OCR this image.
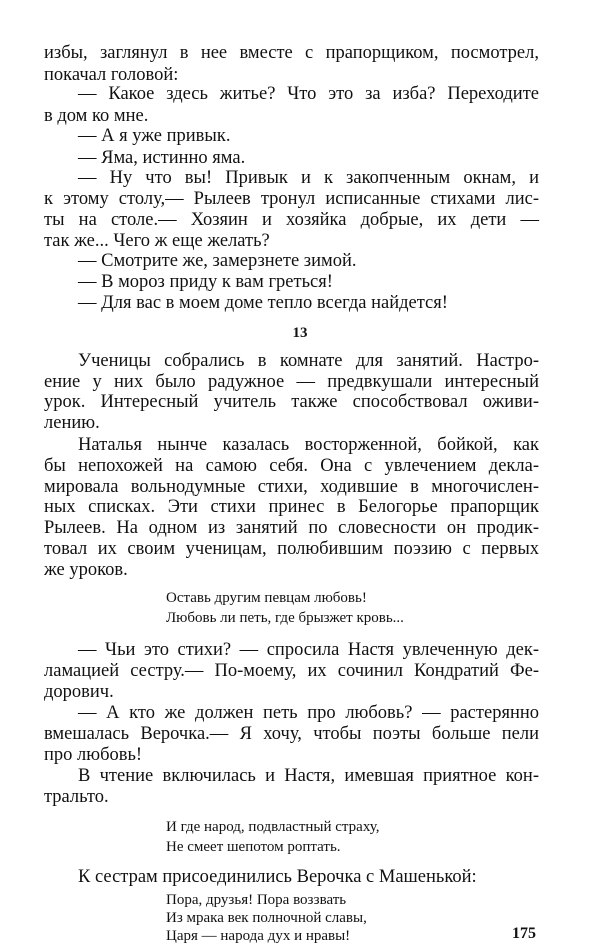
избы, заглянул в нее вместе с прапорщиком, посмотрел,
покачал головой:
— Какое здесь житье? Что это за изба? Переходите
в дом ко мне.
— А я уже привык.
— Яма, истинно яма.
— Ну что вы! Привык и к закопченным окнам, и
к этому столу,— Рылеев тронул исписанные стихами лис-
ты на столе.— Хозяин и хозяйка добрые, их дети —
так же... Чего ж еще желать?
— Смотрите же, замерзнете зимой.
— В мороз приду к вам греться!
— Для вас в моем доме тепло всегда найдется!
13
Ученицы собрались в комнате для занятий. Настро-
ение у них было радужное — предвкушали интересный
урок. Интересный учитель также способствовал оживи-
лению.
Наталья нынче казалась восторженной, бойкой, как
бы непохожей на самою себя. Она с увлечением декла-
мировала вольнодумные стихи, ходившие в многочислен-
ных списках. Эти стихи принес в Белогорье прапорщик
Рылеев. На одном из занятий по словесности он продик-
товал их своим ученицам, полюбившим поэзию с первых
же уроков.
Оставь другим певцам любовь!
Любовь ли петь, где брызжет кровь...
— Чьи это стихи? — спросила Настя увлеченную дек-
ламацией сестру.— По-моему, их сочинил Кондратий Фе-
дорович.
— А кто же должен петь про любовь? — растерянно
вмешалась Верочка.— Я хочу, чтобы поэты больше пели
про любовь!
В чтение включилась и Настя, имевшая приятное кон-
тральто.
И где народ, подвластный страху,
Не смеет шепотом роптать.
К сестрам присоединились Верочка с Машенькой:
Пора, друзья! Пора воззвать
Из мрака век полночной славы,
Царя — народа дух и нравы!	175
